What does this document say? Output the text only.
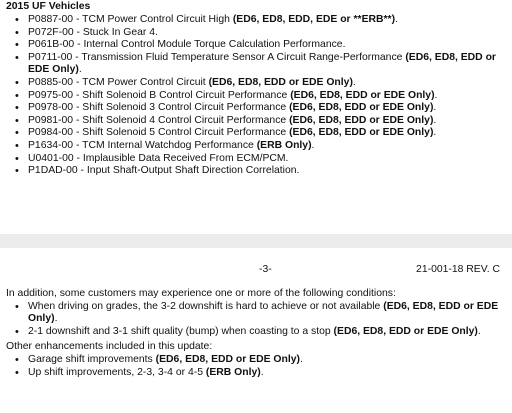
2015 UF Vehicles
• P0887-00 - TCM Power Control Circuit High (ED6, ED8, EDD, EDE or **ERB**).
• P072F-00 - Stuck In Gear 4.
• P061B-00 - Internal Control Module Torque Calculation Performance.
• P0711-00 - Transmission Fluid Temperature Sensor A Circuit Range-Performance (ED6, ED8, EDD or EDE Only).
• P0885-00 - TCM Power Control Circuit (ED6, ED8, EDD or EDE Only).
• P0975-00 - Shift Solenoid B Control Circuit Performance (ED6, ED8, EDD or EDE Only).
• P0978-00 - Shift Solenoid 3 Control Circuit Performance (ED6, ED8, EDD or EDE Only).
• P0981-00 - Shift Solenoid 4 Control Circuit Performance (ED6, ED8, EDD or EDE Only).
• P0984-00 - Shift Solenoid 5 Control Circuit Performance (ED6, ED8, EDD or EDE Only).
• P1634-00 - TCM Internal Watchdog Performance (ERB Only).
• U0401-00 - Implausible Data Received From ECM/PCM.
• P1DAD-00 - Input Shaft-Output Shaft Direction Correlation.
-3-	21-001-18 REV. C

In addition, some customers may experience one or more of the following conditions:

• When driving on grades, the 3-2 downshift is hard to achieve or not available (ED6, ED8, EDD or EDE Only).
• 2-1 downshift and 3-1 shift quality (bump) when coasting to a stop (ED6, ED8, EDD or EDE Only).

Other enhancements included in this update:

• Garage shift improvements (ED6, ED8, EDD or EDE Only).
• Up shift improvements, 2-3, 3-4 or 4-5 (ERB Only).
